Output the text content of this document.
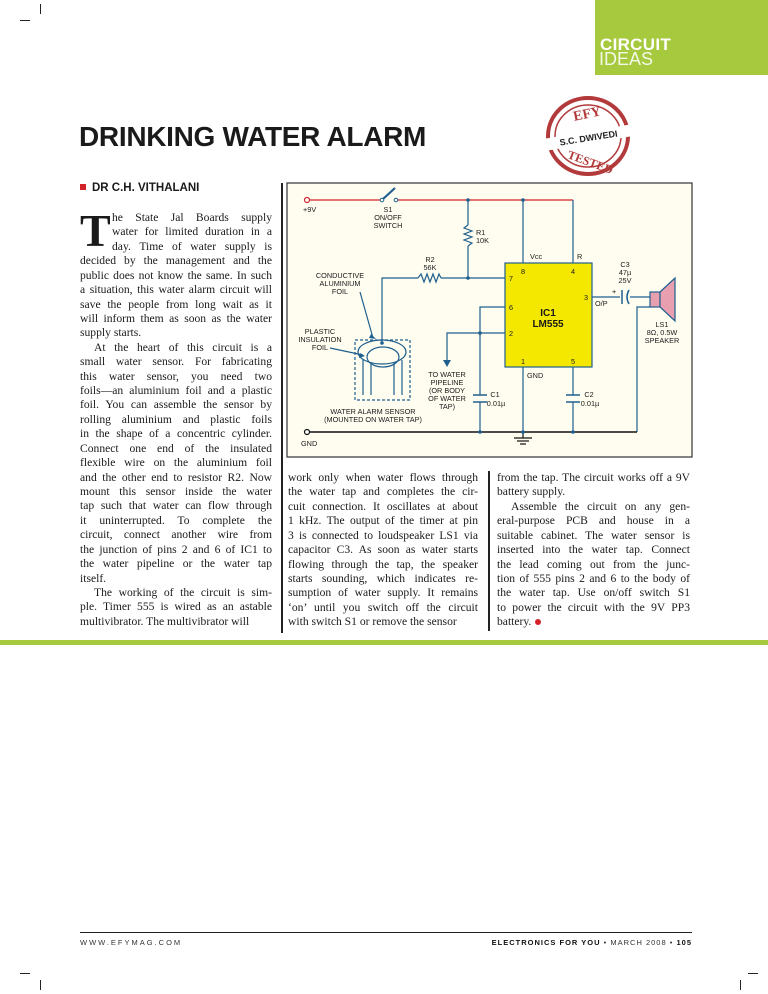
CIRCUIT
IDEAS
DRINKING WATER ALARM
EFY
S.C. DWIVEDI
TESTED
DR C.H. VITHALANI
T he State Jal Boards supply
water for limited duration in a
day. Time of water supply is
decided by the management and the
public does not know the same. In such
a situation, this water alarm circuit will
save the people from long wait as it
will inform them as soon as the water
supply starts.
At the heart of this circuit is a
small water sensor. For fabricating
this water sensor, you need two
foils—an aluminium foil and a plastic
foil. You can assemble the sensor by
rolling aluminium and plastic foils
in the shape of a concentric cylinder.
Connect one end of the insulated
flexible wire on the aluminium foil
and the other end to resistor R2. Now
mount this sensor inside the water
tap such that water can flow through
it uninterrupted. To complete the
circuit, connect another wire from
the junction of pins 2 and 6 of IC1 to
the water pipeline or the water tap
itself.
The working of the circuit is sim-
ple. Timer 555 is wired as an astable
multivibrator. The multivibrator will
work only when water flows through
the water tap and completes the cir-
cuit connection. It oscillates at about
1 kHz. The output of the timer at pin
3 is connected to loudspeaker LS1 via
capacitor C3. As soon as water starts
flowing through the tap, the speaker
starts sounding, which indicates re-
sumption of water supply. It remains
‘on’ until you switch off the circuit
with switch S1 or remove the sensor
from the tap. The circuit works off a 9V
battery supply.
Assemble the circuit on any gen-
eral-purpose PCB and house in a
suitable cabinet. The water sensor is
inserted into the water tap. Connect
the lead coming out from the junc-
tion of 555 pins 2 and 6 to the body of
the water tap. Use on/off switch S1
to power the circuit with the 9V PP3
battery.
+9V	S1
ON/OFF
SWITCH
R1
10K
R2
56K
Vcc	R
IC1
LM555
8	4
7
6
2
3
1	5
GND
O/P
C3
47µ
25V
+
LS1
8Ω, 0.5W
SPEAKER
CONDUCTIVE
ALUMINIUM
FOIL
PLASTIC
INSULATION
FOIL
TO WATER
PIPELINE
(OR BODY
OF WATER
TAP)
C1
0.01µ
C2
0.01µ
WATER ALARM SENSOR
(MOUNTED ON WATER TAP)
GND
WWW.EFYMAG.COM	ELECTRONICS FOR YOU • MARCH 2008 • 105
